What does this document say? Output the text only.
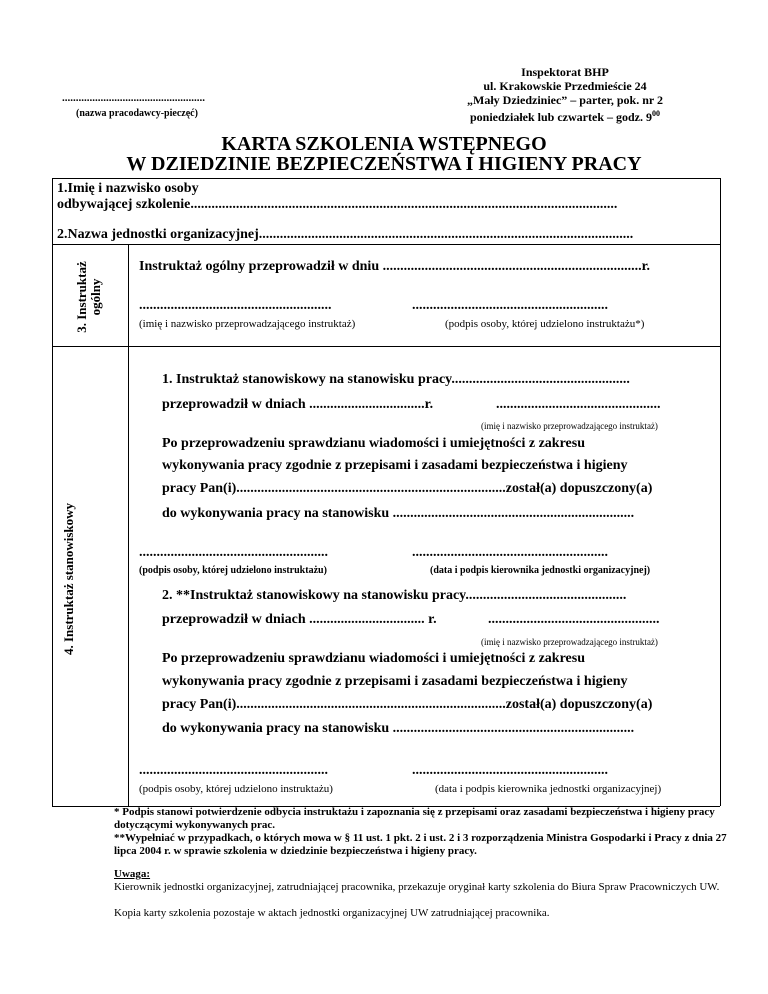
....................................................
(nazwa pracodawcy-pieczęć)
Inspektorat BHP
ul. Krakowskie Przedmieście 24
„Mały Dziedziniec” – parter, pok. nr 2
poniedziałek lub czwartek – godz. $9^{00}$
KARTA SZKOLENIA WSTĘPNEGO
W DZIEDZINIE BEZPIECZEŃSTWA I HIGIENY PRACY
1.Imię i nazwisko osoby
odbywającej szkolenie..........................................................................................................................
2.Nazwa jednostki organizacyjnej...........................................................................................................
3. Instruktaż ogólny
Instruktaż ogólny przeprowadził w dniu ..........................................................................r.
.......................................................	........................................................
(imię i nazwisko przeprowadzającego instruktaż)	(podpis osoby, której udzielono instruktażu*)
4. Instruktaż stanowiskowy
1. Instruktaż stanowiskowy na stanowisku pracy...................................................
przeprowadził w dniach .................................r.	...............................................
(imię i nazwisko przeprowadzającego instruktaż)
Po przeprowadzeniu sprawdzianu wiadomości i umiejętności z zakresu
wykonywania pracy zgodnie z przepisami i zasadami bezpieczeństwa i higieny
pracy Pan(i).............................................................................został(a) dopuszczony(a)
do wykonywania pracy na stanowisku .....................................................................
......................................................	........................................................
(podpis osoby, której udzielono instruktażu)	(data i podpis kierownika jednostki organizacyjnej)
2. **Instruktaż stanowiskowy na stanowisku pracy..............................................
przeprowadził w dniach ................................. r.	.................................................
(imię i nazwisko przeprowadzającego instruktaż)
Po przeprowadzeniu sprawdzianu wiadomości i umiejętności z zakresu
wykonywania pracy zgodnie z przepisami i zasadami bezpieczeństwa i higieny
pracy Pan(i).............................................................................został(a) dopuszczony(a)
do wykonywania pracy na stanowisku .....................................................................
......................................................	........................................................
(podpis osoby, której udzielono instruktażu)	(data i podpis kierownika jednostki organizacyjnej)
* Podpis stanowi potwierdzenie odbycia instruktażu i zapoznania się z przepisami oraz zasadami bezpieczeństwa i higieny pracy dotyczącymi wykonywanych prac.
**Wypełniać w przypadkach, o których mowa w § 11 ust. 1 pkt. 2 i ust. 2 i 3 rozporządzenia Ministra Gospodarki i Pracy z dnia 27 lipca 2004 r. w sprawie szkolenia w dziedzinie bezpieczeństwa i higieny pracy.
Uwaga:
Kierownik jednostki organizacyjnej, zatrudniającej pracownika, przekazuje oryginał karty szkolenia do Biura Spraw Pracowniczych UW.
Kopia karty szkolenia pozostaje w aktach jednostki organizacyjnej UW zatrudniającej pracownika.
